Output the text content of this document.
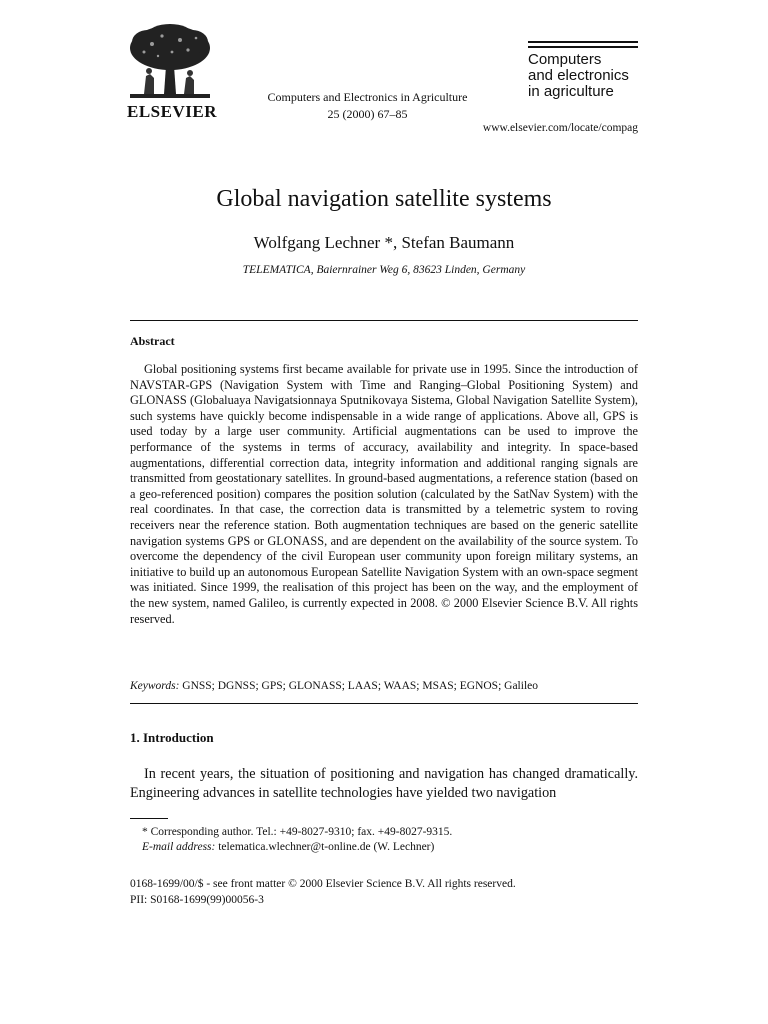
ELSEVIER
Computers and Electronics in Agriculture
25 (2000) 67–85
Computers
and electronics
in agriculture
www.elsevier.com/locate/compag
Global navigation satellite systems
Wolfgang Lechner *, Stefan Baumann
TELEMATICA, Baiernrainer Weg 6, 83623 Linden, Germany
Abstract

Global positioning systems first became available for private use in 1995. Since the introduction of NAVSTAR-GPS (Navigation System with Time and Ranging–Global Positioning System) and GLONASS (Globaluaya Navigatsionnaya Sputnikovaya Sistema, Global Navigation Satellite System), such systems have quickly become indispensable in a wide range of applications. Above all, GPS is used today by a large user community. Artificial augmentations can be used to improve the performance of the systems in terms of accuracy, availability and integrity. In space-based augmentations, differential correction data, integrity information and additional ranging signals are transmitted from geostationary satellites. In ground-based augmentations, a reference station (based on a geo-referenced position) compares the position solution (calculated by the SatNav System) with the real coordinates. In that case, the correction data is transmitted by a telemetric system to roving receivers near the reference station. Both augmentation techniques are based on the generic satellite navigation systems GPS or GLONASS, and are dependent on the availability of the source system. To overcome the dependency of the civil European user community upon foreign military systems, an initiative to build up an autonomous European Satellite Navigation System with an own-space segment was initiated. Since 1999, the realisation of this project has been on the way, and the employment of the new system, named Galileo, is currently expected in 2008. © 2000 Elsevier Science B.V. All rights reserved.

Keywords: GNSS; DGNSS; GPS; GLONASS; LAAS; WAAS; MSAS; EGNOS; Galileo
1. Introduction

In recent years, the situation of positioning and navigation has changed dramatically. Engineering advances in satellite technologies have yielded two navigation

* Corresponding author. Tel.: +49-8027-9310; fax. +49-8027-9315.
E-mail address: telematica.wlechner@t-online.de (W. Lechner)
0168-1699/00/$ - see front matter © 2000 Elsevier Science B.V. All rights reserved.
PII: S0168-1699(99)00056-3
